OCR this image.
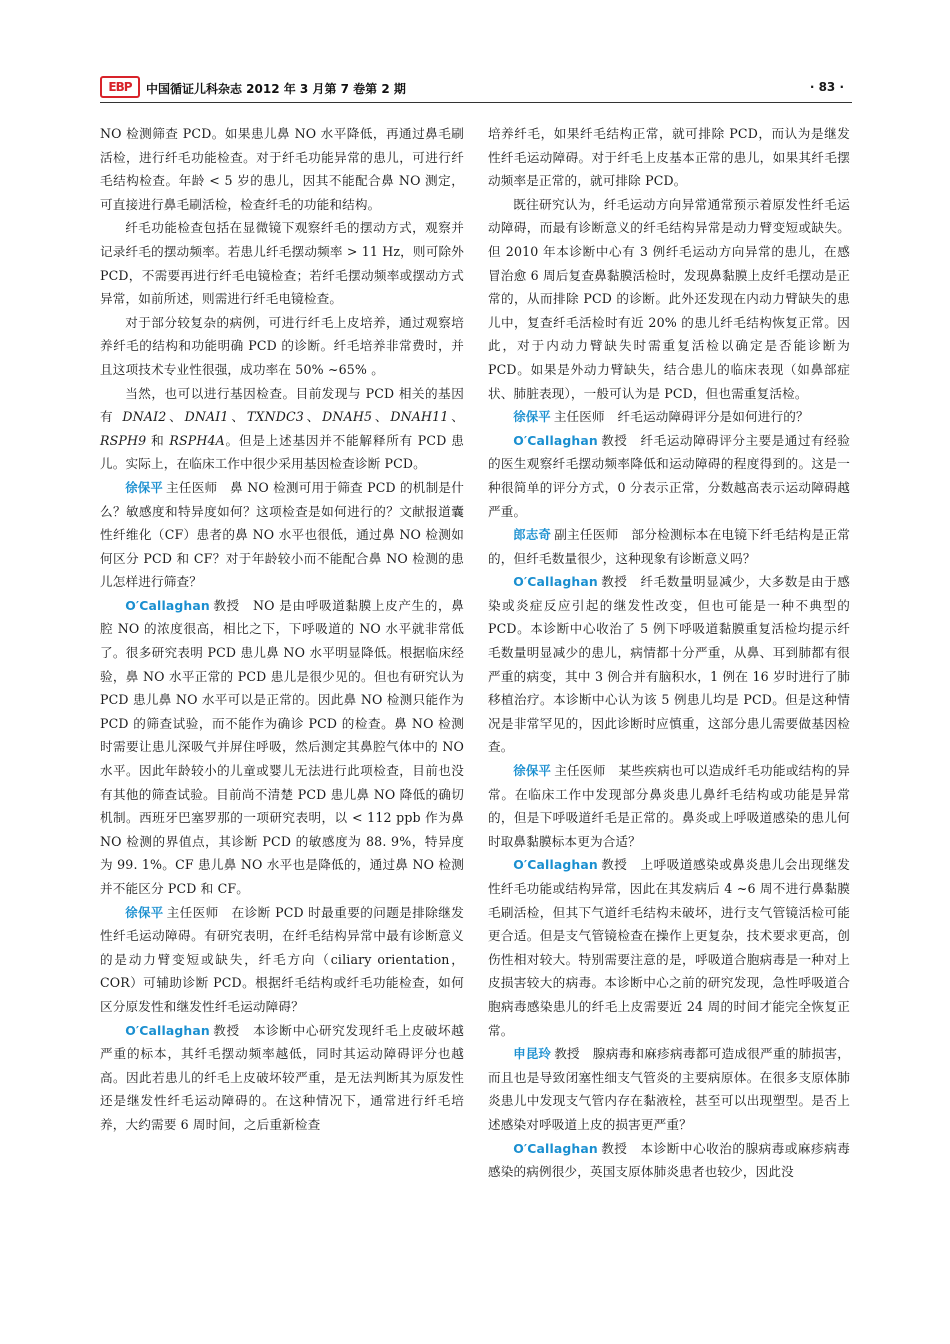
EBP	中国循证儿科杂志 2012 年 3 月第 7 卷第 2 期	· 83 ·

NO 检测筛查 PCD。如果患儿鼻 NO 水平降低，再通过鼻毛刷活检，进行纤毛功能检查。对于纤毛功能异常的患儿，可进行纤毛结构检查。年龄 < 5 岁的患儿，因其不能配合鼻 NO 测定，可直接进行鼻毛刷活检，检查纤毛的功能和结构。

纤毛功能检查包括在显微镜下观察纤毛的摆动方式，观察并记录纤毛的摆动频率。若患儿纤毛摆动频率 > 11 Hz，则可除外 PCD，不需要再进行纤毛电镜检查；若纤毛摆动频率或摆动方式异常，如前所述，则需进行纤毛电镜检查。

对于部分较复杂的病例，可进行纤毛上皮培养，通过观察培养纤毛的结构和功能明确 PCD 的诊断。纤毛培养非常费时，并且这项技术专业性很强，成功率在 50% ~65% 。

当然，也可以进行基因检查。目前发现与 PCD 相关的基因有 DNAI2、DNAI1、TXNDC3、DNAH5、DNAH11、RSPH9 和 RSPH4A。但是上述基因并不能解释所有 PCD 患儿。实际上，在临床工作中很少采用基因检查诊断 PCD。

徐保平 主任医师　鼻 NO 检测可用于筛查 PCD 的机制是什么？敏感度和特异度如何？这项检查是如何进行的？文献报道囊性纤维化（CF）患者的鼻 NO 水平也很低，通过鼻 NO 检测如何区分 PCD 和 CF？对于年龄较小而不能配合鼻 NO 检测的患儿怎样进行筛查？

O′Callaghan 教授　NO 是由呼吸道黏膜上皮产生的，鼻腔 NO 的浓度很高，相比之下，下呼吸道的 NO 水平就非常低了。很多研究表明 PCD 患儿鼻 NO 水平明显降低。根据临床经验，鼻 NO 水平正常的 PCD 患儿是很少见的。但也有研究认为 PCD 患儿鼻 NO 水平可以是正常的。因此鼻 NO 检测只能作为 PCD 的筛查试验，而不能作为确诊 PCD 的检查。鼻 NO 检测时需要让患儿深吸气并屏住呼吸，然后测定其鼻腔气体中的 NO 水平。因此年龄较小的儿童或婴儿无法进行此项检查，目前也没有其他的筛查试验。目前尚不清楚 PCD 患儿鼻 NO 降低的确切机制。西班牙巴塞罗那的一项研究表明，以 < 112 ppb 作为鼻 NO 检测的界值点，其诊断 PCD 的敏感度为 88. 9%，特异度为 99. 1%。CF 患儿鼻 NO 水平也是降低的，通过鼻 NO 检测并不能区分 PCD 和 CF。

徐保平 主任医师　在诊断 PCD 时最重要的问题是排除继发性纤毛运动障碍。有研究表明，在纤毛结构异常中最有诊断意义的是动力臂变短或缺失，纤毛方向（ciliary orientation，COR）可辅助诊断 PCD。根据纤毛结构或纤毛功能检查，如何区分原发性和继发性纤毛运动障碍？

O′Callaghan 教授　本诊断中心研究发现纤毛上皮破坏越严重的标本，其纤毛摆动频率越低，同时其运动障碍评分也越高。因此若患儿的纤毛上皮破坏较严重，是无法判断其为原发性还是继发性纤毛运动障碍的。在这种情况下，通常进行纤毛培养，大约需要 6 周时间，之后重新检查

培养纤毛，如果纤毛结构正常，就可排除 PCD，而认为是继发性纤毛运动障碍。对于纤毛上皮基本正常的患儿，如果其纤毛摆动频率是正常的，就可排除 PCD。

既往研究认为，纤毛运动方向异常通常预示着原发性纤毛运动障碍，而最有诊断意义的纤毛结构异常是动力臂变短或缺失。但 2010 年本诊断中心有 3 例纤毛运动方向异常的患儿，在感冒治愈 6 周后复查鼻黏膜活检时，发现鼻黏膜上皮纤毛摆动是正常的，从而排除 PCD 的诊断。此外还发现在内动力臂缺失的患儿中，复查纤毛活检时有近 20% 的患儿纤毛结构恢复正常。因此，对于内动力臂缺失时需重复活检以确定是否能诊断为 PCD。如果是外动力臂缺失，结合患儿的临床表现（如鼻部症状、肺脏表现），一般可认为是 PCD，但也需重复活检。

徐保平 主任医师　纤毛运动障碍评分是如何进行的？

O′Callaghan 教授　纤毛运动障碍评分主要是通过有经验的医生观察纤毛摆动频率降低和运动障碍的程度得到的。这是一种很简单的评分方式，0 分表示正常，分数越高表示运动障碍越严重。

郎志奇 副主任医师　部分检测标本在电镜下纤毛结构是正常的，但纤毛数量很少，这种现象有诊断意义吗？

O′Callaghan 教授　纤毛数量明显减少，大多数是由于感染或炎症反应引起的继发性改变，但也可能是一种不典型的 PCD。本诊断中心收治了 5 例下呼吸道黏膜重复活检均提示纤毛数量明显减少的患儿，病情都十分严重，从鼻、耳到肺都有很严重的病变，其中 3 例合并有脑积水，1 例在 16 岁时进行了肺移植治疗。本诊断中心认为该 5 例患儿均是 PCD。但是这种情况是非常罕见的，因此诊断时应慎重，这部分患儿需要做基因检查。

徐保平 主任医师　某些疾病也可以造成纤毛功能或结构的异常。在临床工作中发现部分鼻炎患儿鼻纤毛结构或功能是异常的，但是下呼吸道纤毛是正常的。鼻炎或上呼吸道感染的患儿何时取鼻黏膜标本更为合适？

O′Callaghan 教授　上呼吸道感染或鼻炎患儿会出现继发性纤毛功能或结构异常，因此在其发病后 4 ~6 周不进行鼻黏膜毛刷活检，但其下气道纤毛结构未破坏，进行支气管镜活检可能更合适。但是支气管镜检查在操作上更复杂，技术要求更高，创伤性相对较大。特别需要注意的是，呼吸道合胞病毒是一种对上皮损害较大的病毒。本诊断中心之前的研究发现，急性呼吸道合胞病毒感染患儿的纤毛上皮需要近 24 周的时间才能完全恢复正常。

申昆玲 教授　腺病毒和麻疹病毒都可造成很严重的肺损害，而且也是导致闭塞性细支气管炎的主要病原体。在很多支原体肺炎患儿中发现支气管内存在黏液栓，甚至可以出现塑型。是否上述感染对呼吸道上皮的损害更严重？

O′Callaghan 教授　本诊断中心收治的腺病毒或麻疹病毒感染的病例很少，英国支原体肺炎患者也较少，因此没
